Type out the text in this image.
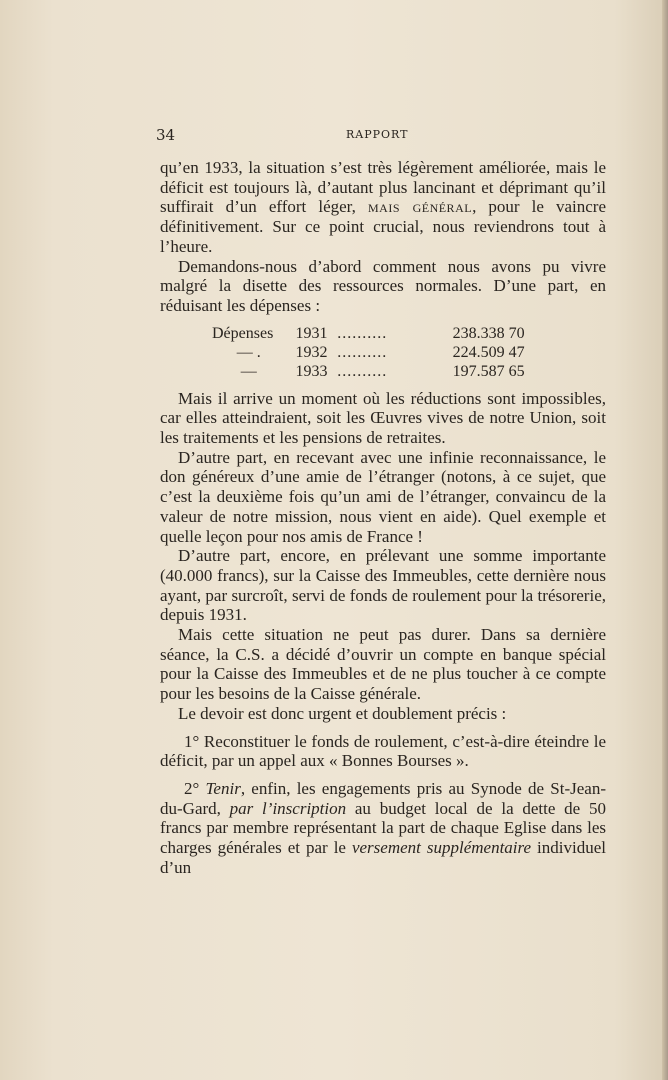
34	RAPPORT

qu’en 1933, la situation s’est très légèrement améliorée, mais le déficit est toujours là, d’autant plus lancinant et déprimant qu’il suffirait d’un effort léger, mais général, pour le vaincre définitivement. Sur ce point crucial, nous reviendrons tout à l’heure.

Demandons-nous d’abord comment nous avons pu vivre malgré la disette des ressources normales. D’une part, en réduisant les dépenses :

Dépenses	1931 ..........	238.338 70
— .	1932 ..........	224.509 47
—	1933 ..........	197.587 65

Mais il arrive un moment où les réductions sont impossibles, car elles atteindraient, soit les Œuvres vives de notre Union, soit les traitements et les pensions de retraites.

D’autre part, en recevant avec une infinie reconnaissance, le don généreux d’une amie de l’étranger (notons, à ce sujet, que c’est la deuxième fois qu’un ami de l’étranger, convaincu de la valeur de notre mission, nous vient en aide). Quel exemple et quelle leçon pour nos amis de France !

D’autre part, encore, en prélevant une somme importante (40.000 francs), sur la Caisse des Immeubles, cette dernière nous ayant, par surcroît, servi de fonds de roulement pour la trésorerie, depuis 1931.

Mais cette situation ne peut pas durer. Dans sa dernière séance, la C.S. a décidé d’ouvrir un compte en banque spécial pour la Caisse des Immeubles et de ne plus toucher à ce compte pour les besoins de la Caisse générale.

Le devoir est donc urgent et doublement précis :

1° Reconstituer le fonds de roulement, c’est-à-dire éteindre le déficit, par un appel aux « Bonnes Bourses ».

2° Tenir, enfin, les engagements pris au Synode de St-Jean-du-Gard, par l’inscription au budget local de la dette de 50 francs par membre représentant la part de chaque Eglise dans les charges générales et par le versement supplémentaire individuel d’un
